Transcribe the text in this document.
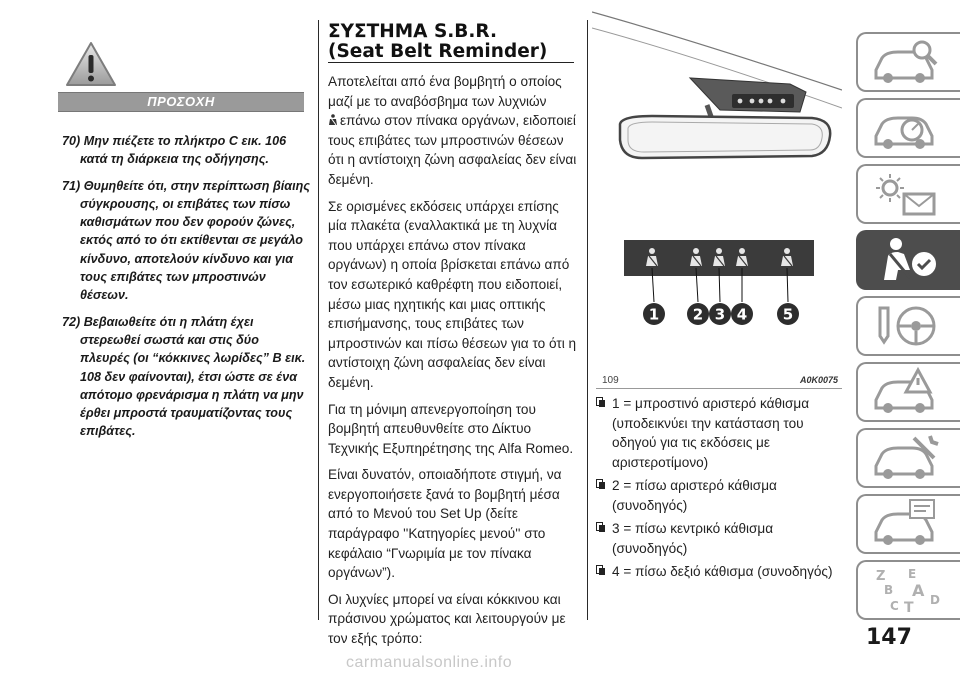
ΠΡΟΣΟΧΗ

70) Μην πιέζετε το πλήκτρο C εικ. 106 κατά τη διάρκεια της οδήγησης.

71) Θυμηθείτε ότι, στην περίπτωση βίαιης σύγκρουσης, οι επιβάτες των πίσω καθισμάτων που δεν φορούν ζώνες, εκτός από το ότι εκτίθενται σε μεγάλο κίνδυνο, αποτελούν κίνδυνο και για τους επιβάτες των μπροστινών θέσεων.

72) Βεβαιωθείτε ότι η πλάτη έχει στερεωθεί σωστά και στις δύο πλευρές (οι “κόκκινες λωρίδες” Β εικ. 108 δεν φαίνονται), έτσι ώστε σε ένα απότομο φρενάρισμα η πλάτη να μην έρθει μπροστά τραυματίζοντας τους επιβάτες.

ΣΥΣΤΗΜΑ S.B.R.
(Seat Belt Reminder)

Αποτελείται από ένα βομβητή ο οποίος μαζί με το αναβόσβημα των λυχνιών
επάνω στον πίνακα οργάνων, ειδοποιεί τους επιβάτες των μπροστινών θέσεων ότι η αντίστοιχη ζώνη ασφαλείας δεν είναι δεμένη.

Σε ορισμένες εκδόσεις υπάρχει επίσης μία πλακέτα (εναλλακτικά με τη λυχνία που υπάρχει επάνω στον πίνακα οργάνων) η οποία βρίσκεται επάνω από τον εσωτερικό καθρέφτη που ειδοποιεί, μέσω μιας ηχητικής και μιας οπτικής επισήμανσης, τους επιβάτες των μπροστινών και πίσω θέσεων για το ότι η αντίστοιχη ζώνη ασφαλείας δεν είναι δεμένη.

Για τη μόνιμη απενεργοποίηση του βομβητή απευθυνθείτε στο Δίκτυο Τεχνικής Εξυπηρέτησης της Alfa Romeo.

Είναι δυνατόν, οποιαδήποτε στιγμή, να ενεργοποιήσετε ξανά το βομβητή μέσα από το Μενού του Set Up (δείτε παράγραφο ''Κατηγορίες μενού'' στο κεφάλαιο “Γνωριμία με τον πίνακα οργάνων”).

Οι λυχνίες μπορεί να είναι κόκκινου και πράσινου χρώματος και λειτουργούν με τον εξής τρόπο:

1 2 3 4 5
109	A0K0075
1 = μπροστινό αριστερό κάθισμα (υποδεικνύει την κατάσταση του οδηγού για τις εκδόσεις με αριστεροτίμονο)
2 = πίσω αριστερό κάθισμα (συνοδηγός)
3 = πίσω κεντρικό κάθισμα (συνοδηγός)
4 = πίσω δεξιό κάθισμα (συνοδηγός)	Z E
B A
C T D
147
carmanualsonline.info
